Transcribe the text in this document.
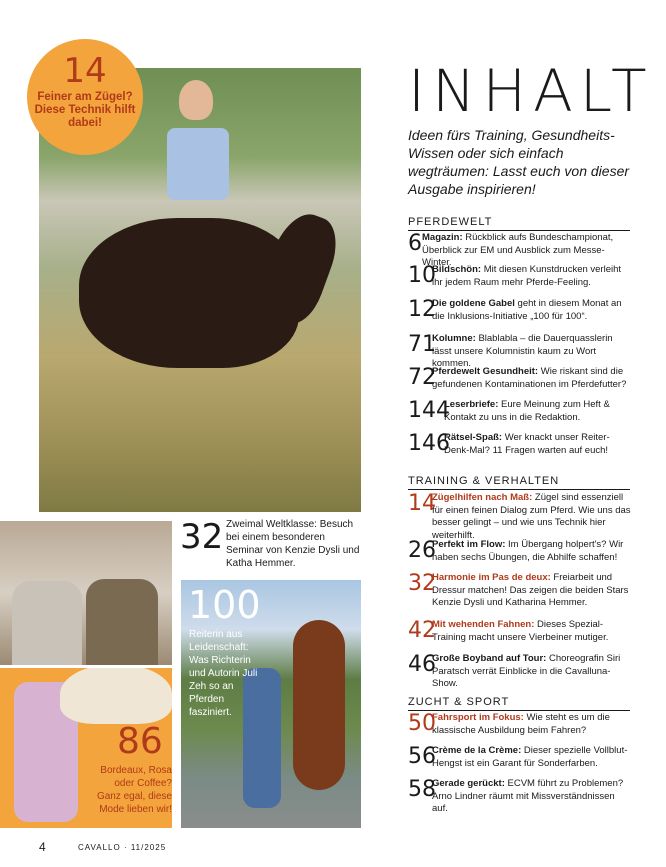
14
Feiner am Zügel? Diese Technik hilft dabei!
32 Zweimal Weltklasse: Besuch bei einem besonderen Seminar von Kenzie Dysli und Katha Hemmer.
100
Reiterin aus Leidenschaft: Was Richterin und Autorin Juli Zeh so an Pferden fasziniert.
86
Bordeaux, Rosa oder Coffee? Ganz egal, diese Mode lieben wir!
INHALT
Ideen fürs Training, Gesundheits-Wissen oder sich einfach wegträumen: Lasst euch von dieser Ausgabe inspirieren!
PFERDEWELT
6 Magazin: Rückblick aufs Bundeschampionat, Überblick zur EM und Ausblick zum Messe-Winter.
10
Bildschön: Mit diesen Kunstdrucken verleiht ihr jedem Raum mehr Pferde-Feeling.
12
Die goldene Gabel geht in diesem Monat an die Inklusions-Initiative „100 für 100“.
71
Kolumne: Blablabla – die Dauerquasslerin lässt unsere Kolumnistin kaum zu Wort kommen.
72
Pferdewelt Gesundheit: Wie riskant sind die gefundenen Kontaminationen im Pferdefutter?
144
Leserbriefe: Eure Meinung zum Heft & Kontakt zu uns in die Redaktion.
146
Rätsel-Spaß: Wer knackt unser Reiter-Denk-Mal? 11 Fragen warten auf euch!
TRAINING & VERHALTEN
14
Zügelhilfen nach Maß: Zügel sind essenziell für einen feinen Dialog zum Pferd. Wie uns das besser gelingt – und wie uns Technik hier weiterhilft.
26
Perfekt im Flow: Im Übergang holpert's? Wir haben sechs Übungen, die Abhilfe schaffen!
32
Harmonie im Pas de deux: Freiarbeit und Dressur matchen! Das zeigen die beiden Stars Kenzie Dysli und Katharina Hemmer.
42
Mit wehenden Fahnen: Dieses Spezial-Training macht unsere Vierbeiner mutiger.
46
Große Boyband auf Tour: Choreografin Siri Paratsch verrät Einblicke in die Cavalluna-Show.
ZUCHT & SPORT
50
Fahrsport im Fokus: Wie steht es um die klassische Ausbildung beim Fahren?
56
Crème de la Crème: Dieser spezielle Vollblut-Hengst ist ein Garant für Sonderfarben.
58
Gerade gerückt: ECVM führt zu Problemen? Arno Lindner räumt mit Missverständnissen auf.
4	CAVALLO · 11/2025
